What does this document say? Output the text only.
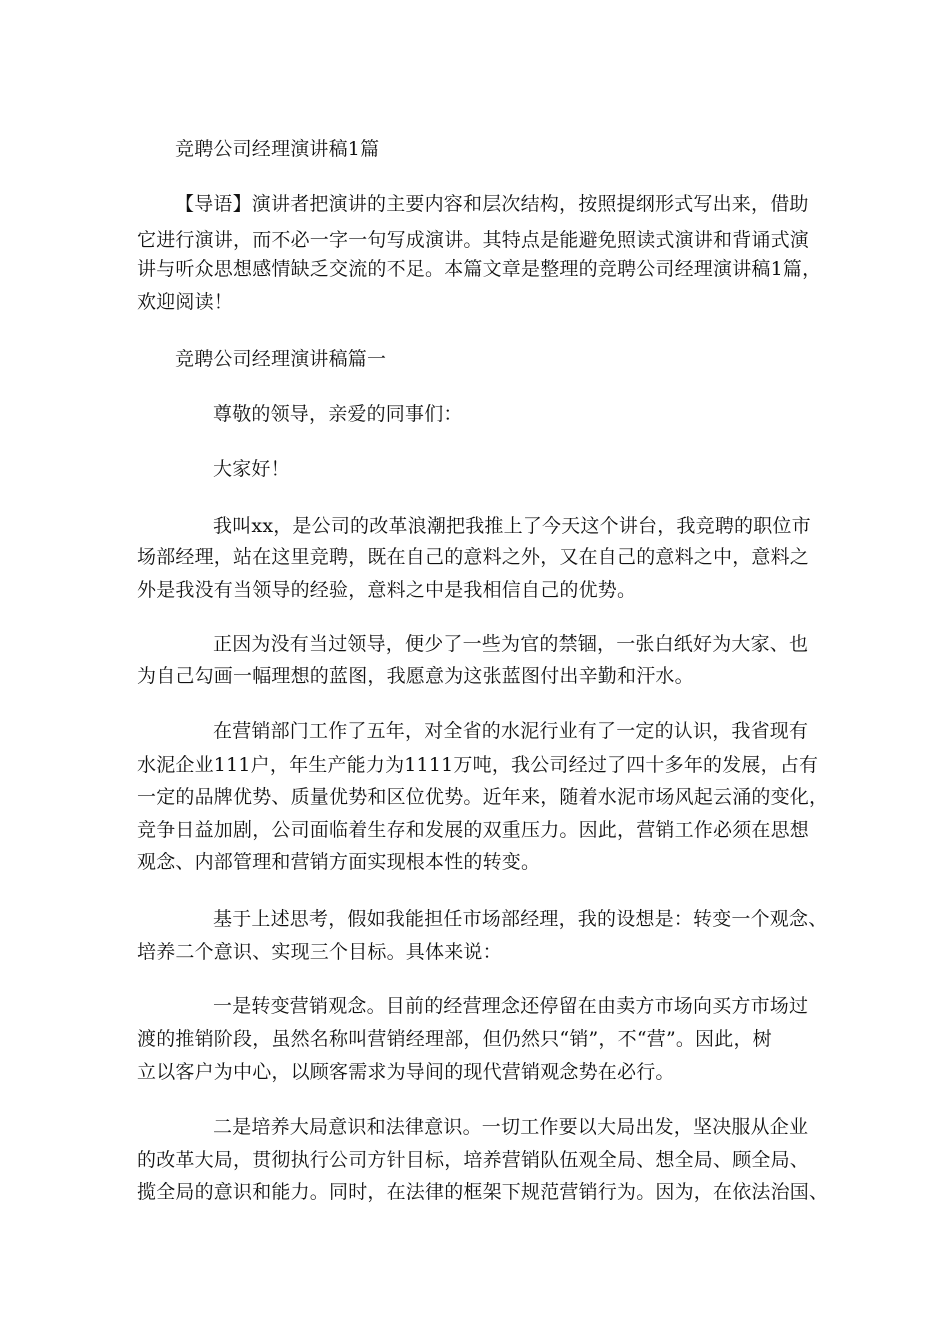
竞聘公司经理演讲稿1篇
【导语】演讲者把演讲的主要内容和层次结构，按照提纲形式写出来，借助
它进行演讲，而不必一字一句写成演讲。其特点是能避免照读式演讲和背诵式演
讲与听众思想感情缺乏交流的不足。本篇文章是整理的竞聘公司经理演讲稿1篇，
欢迎阅读！
竞聘公司经理演讲稿篇一
尊敬的领导，亲爱的同事们：
大家好！
我叫xx，是公司的改革浪潮把我推上了今天这个讲台，我竞聘的职位市
场部经理，站在这里竞聘，既在自己的意料之外，又在自己的意料之中，意料之
外是我没有当领导的经验，意料之中是我相信自己的优势。
正因为没有当过领导，便少了一些为官的禁锢，一张白纸好为大家、也
为自己勾画一幅理想的蓝图，我愿意为这张蓝图付出辛勤和汗水。
在营销部门工作了五年，对全省的水泥行业有了一定的认识，我省现有
水泥企业111户，年生产能力为1111万吨，我公司经过了四十多年的发展，占有
一定的品牌优势、质量优势和区位优势。近年来，随着水泥市场风起云涌的变化，
竞争日益加剧，公司面临着生存和发展的双重压力。因此，营销工作必须在思想
观念、内部管理和营销方面实现根本性的转变。
基于上述思考，假如我能担任市场部经理，我的设想是：转变一个观念、
培养二个意识、实现三个目标。具体来说：
一是转变营销观念。目前的经营理念还停留在由卖方市场向买方市场过
渡的推销阶段，虽然名称叫营销经理部，但仍然只“销”，不“营”。因此，树
立以客户为中心，以顾客需求为导间的现代营销观念势在必行。
二是培养大局意识和法律意识。一切工作要以大局出发，坚决服从企业
的改革大局，贯彻执行公司方针目标，培养营销队伍观全局、想全局、顾全局、
揽全局的意识和能力。同时，在法律的框架下规范营销行为。因为，在依法治国、
